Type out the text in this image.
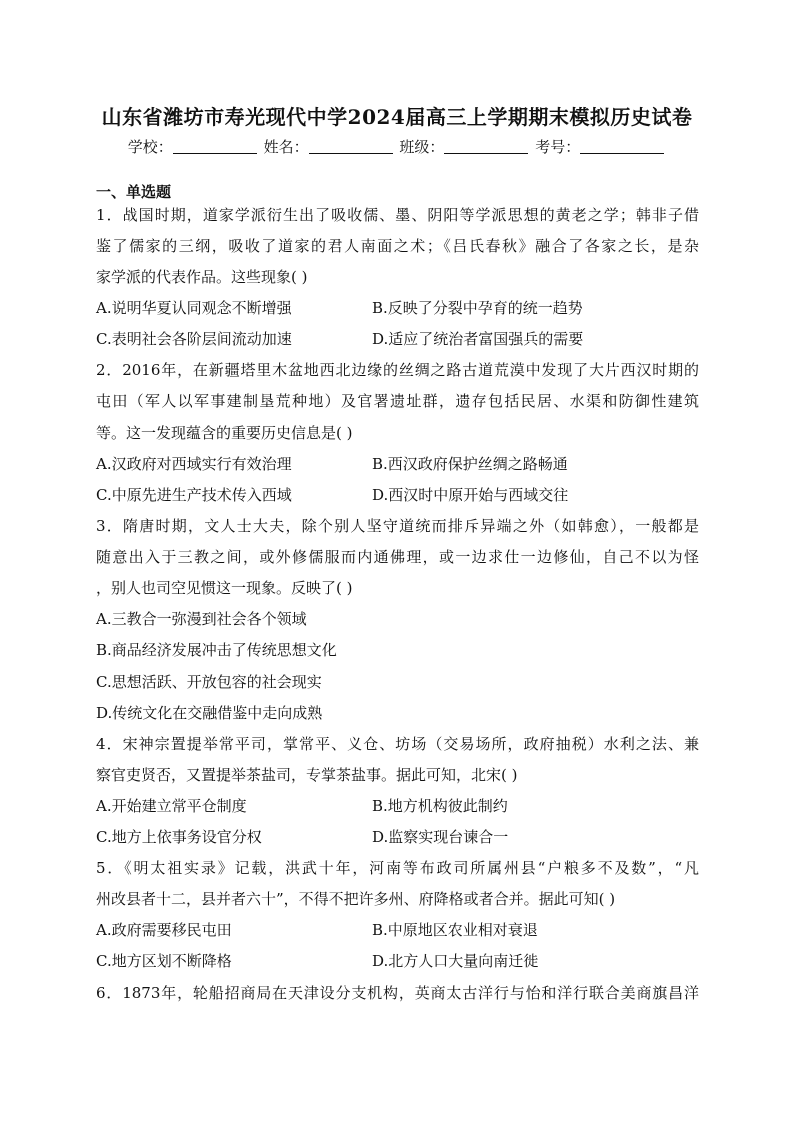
山东省潍坊市寿光现代中学2024届高三上学期期末模拟历史试卷
学校：	姓名：	班级：	考号：
一、单选题
1．战国时期，道家学派衍生出了吸收儒、墨、阴阳等学派思想的黄老之学；韩非子借
鉴了儒家的三纲，吸收了道家的君人南面之术；《吕氏春秋》融合了各家之长，是杂
家学派的代表作品。这些现象( )
A.说明华夏认同观念不断增强	B.反映了分裂中孕育的统一趋势
C.表明社会各阶层间流动加速	D.适应了统治者富国强兵的需要
2．2016年，在新疆塔里木盆地西北边缘的丝绸之路古道荒漠中发现了大片西汉时期的
屯田（军人以军事建制垦荒种地）及官署遗址群，遗存包括民居、水渠和防御性建筑
等。这一发现蕴含的重要历史信息是( )
A.汉政府对西域实行有效治理	B.西汉政府保护丝绸之路畅通
C.中原先进生产技术传入西域	D.西汉时中原开始与西域交往
3．隋唐时期，文人士大夫，除个别人坚守道统而排斥异端之外（如韩愈），一般都是
随意出入于三教之间，或外修儒服而内通佛理，或一边求仕一边修仙，自己不以为怪
，别人也司空见惯这一现象。反映了( )
A.三教合一弥漫到社会各个领域
B.商品经济发展冲击了传统思想文化
C.思想活跃、开放包容的社会现实
D.传统文化在交融借鉴中走向成熟
4．宋神宗置提举常平司，掌常平、义仓、坊场（交易场所，政府抽税）水利之法、兼
察官吏贤否，又置提举茶盐司，专掌茶盐事。据此可知，北宋( )
A.开始建立常平仓制度	B.地方机构彼此制约
C.地方上依事务设官分权	D.监察实现台谏合一
5．《明太祖实录》记载，洪武十年，河南等布政司所属州县“户粮多不及数”，“凡
州改县者十二，县并者六十”，不得不把许多州、府降格或者合并。据此可知( )
A.政府需要移民屯田	B.中原地区农业相对衰退
C.地方区划不断降格	D.北方人口大量向南迁徙
6．1873年，轮船招商局在天津设分支机构，英商太古洋行与怡和洋行联合美商旗昌洋
